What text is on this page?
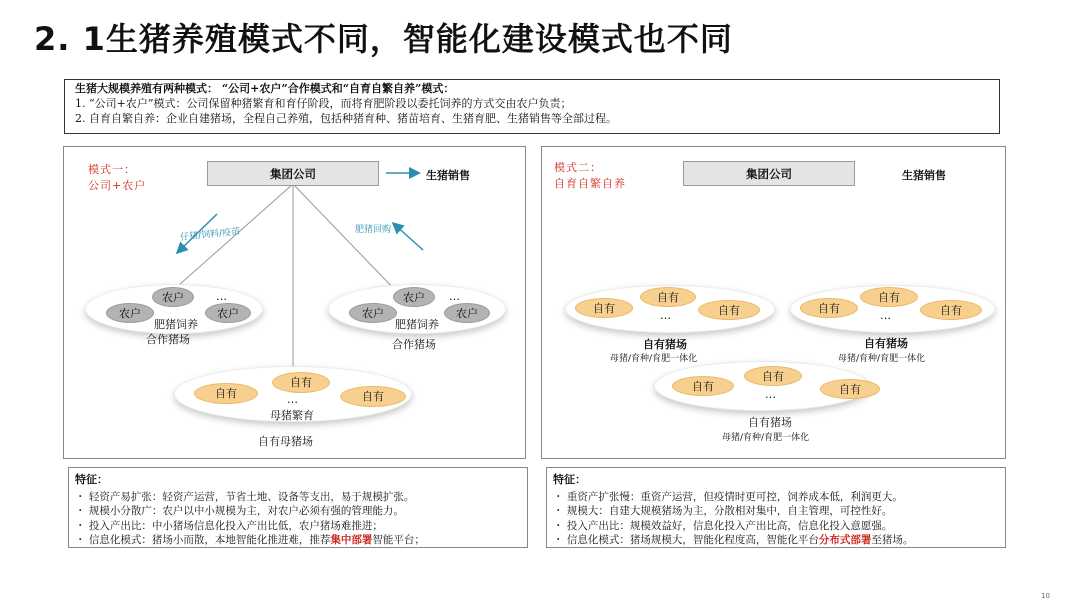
2. 1生猪养殖模式不同，智能化建设模式也不同
生猪大规模养殖有两种模式： “公司+农户”合作模式和“自育自繁自养”模式：
1. “公司+农户”模式：公司保留种猪繁育和育仔阶段，而将育肥阶段以委托饲养的方式交由农户负责；
2. 自育自繁自养：企业自建猪场，全程自己养殖，包括种猪育种、猪苗培育、生猪育肥、生猪销售等全部过程。
模式一：
公司+农户
集团公司	生猪销售
仔猪/饲料/疫苗	肥猪回购
农户
农户	农户
…
肥猪饲养
合作猪场
农户
农户	农户
…
肥猪饲养
合作猪场
自有
自有	自有
…
母猪繁育
自有母猪场
模式二：
自育自繁自养
集团公司	生猪销售
自有
自有	自有
…
自有猪场
母猪/育种/育肥一体化
自有
自有	自有
…
自有猪场
母猪/育种/育肥一体化
自有
自有	自有
…
自有猪场
母猪/育种/育肥一体化
特征：
・ 轻资产易扩张：轻资产运营，节省土地、设备等支出，易于规模扩张。
・ 规模小分散广：农户以中小规模为主，对农户必须有强的管理能力。
・ 投入产出比：中小猪场信息化投入产出比低，农户猪场难推进；
・ 信息化模式：猪场小而散，本地智能化推进难，推荐集中部署智能平台；
特征：
・ 重资产扩张慢：重资产运营，但疫情时更可控，饲养成本低，利润更大。
・ 规模大：自建大规模猪场为主，分散相对集中，自主管理，可控性好。
・ 投入产出比：规模效益好，信息化投入产出比高，信息化投入意愿强。
・ 信息化模式：猪场规模大，智能化程度高，智能化平台分布式部署至猪场。
10
